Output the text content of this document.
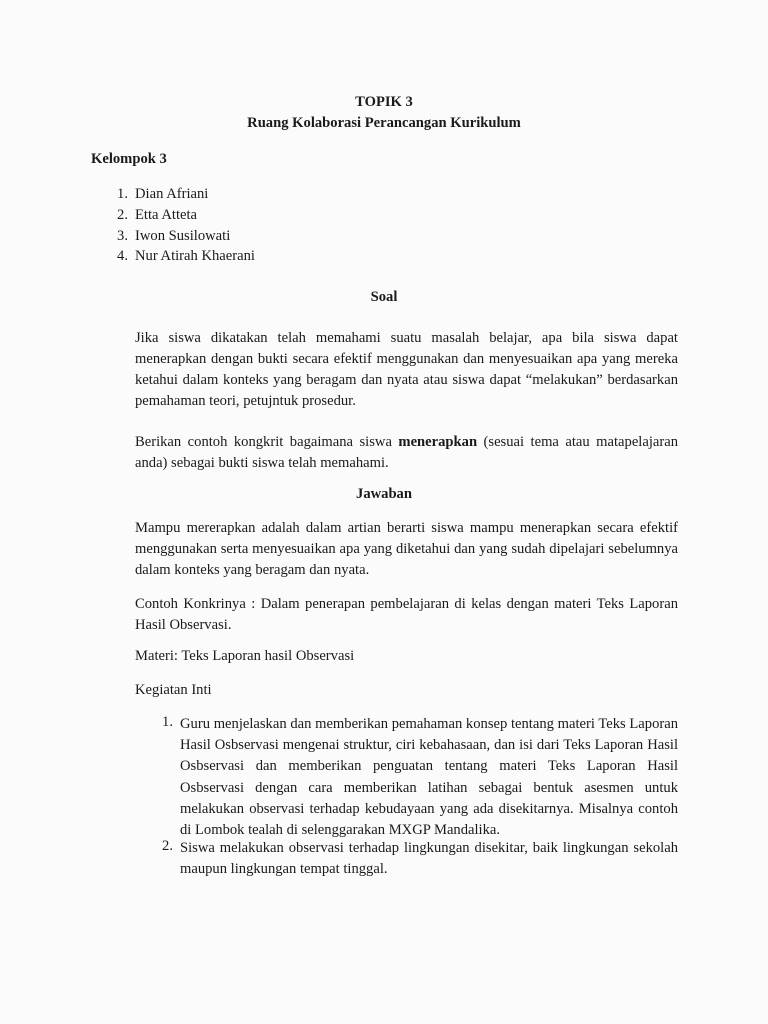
TOPIK 3
Ruang Kolaborasi Perancangan Kurikulum
Kelompok 3
1. Dian Afriani
2. Etta Atteta
3. Iwon Susilowati
4. Nur Atirah Khaerani
Soal
Jika siswa dikatakan telah memahami suatu masalah belajar, apa bila siswa dapat menerapkan dengan bukti secara efektif menggunakan dan menyesuaikan apa yang mereka ketahui dalam konteks yang beragam dan nyata atau siswa dapat “melakukan” berdasarkan pemahaman teori, petujntuk prosedur.
Berikan contoh kongkrit bagaimana siswa menerapkan (sesuai tema atau matapelajaran anda) sebagai bukti siswa telah memahami.
Jawaban
Mampu mererapkan adalah dalam artian berarti siswa mampu menerapkan secara efektif menggunakan serta menyesuaikan apa yang diketahui dan yang sudah dipelajari sebelumnya dalam konteks yang beragam dan nyata.
Contoh Konkrinya : Dalam penerapan pembelajaran di kelas dengan materi Teks Laporan Hasil Observasi.
Materi: Teks Laporan hasil Observasi
Kegiatan Inti
1. Guru menjelaskan dan memberikan pemahaman konsep tentang materi Teks Laporan Hasil Osbservasi mengenai struktur, ciri kebahasaan, dan isi dari Teks Laporan Hasil Osbservasi dan memberikan penguatan tentang materi Teks Laporan Hasil Osbservasi dengan cara memberikan latihan sebagai bentuk asesmen untuk melakukan observasi terhadap kebudayaan yang ada disekitarnya. Misalnya contoh di Lombok tealah di selenggarakan MXGP Mandalika.
2. Siswa melakukan observasi terhadap lingkungan disekitar, baik lingkungan sekolah maupun lingkungan tempat tinggal.
